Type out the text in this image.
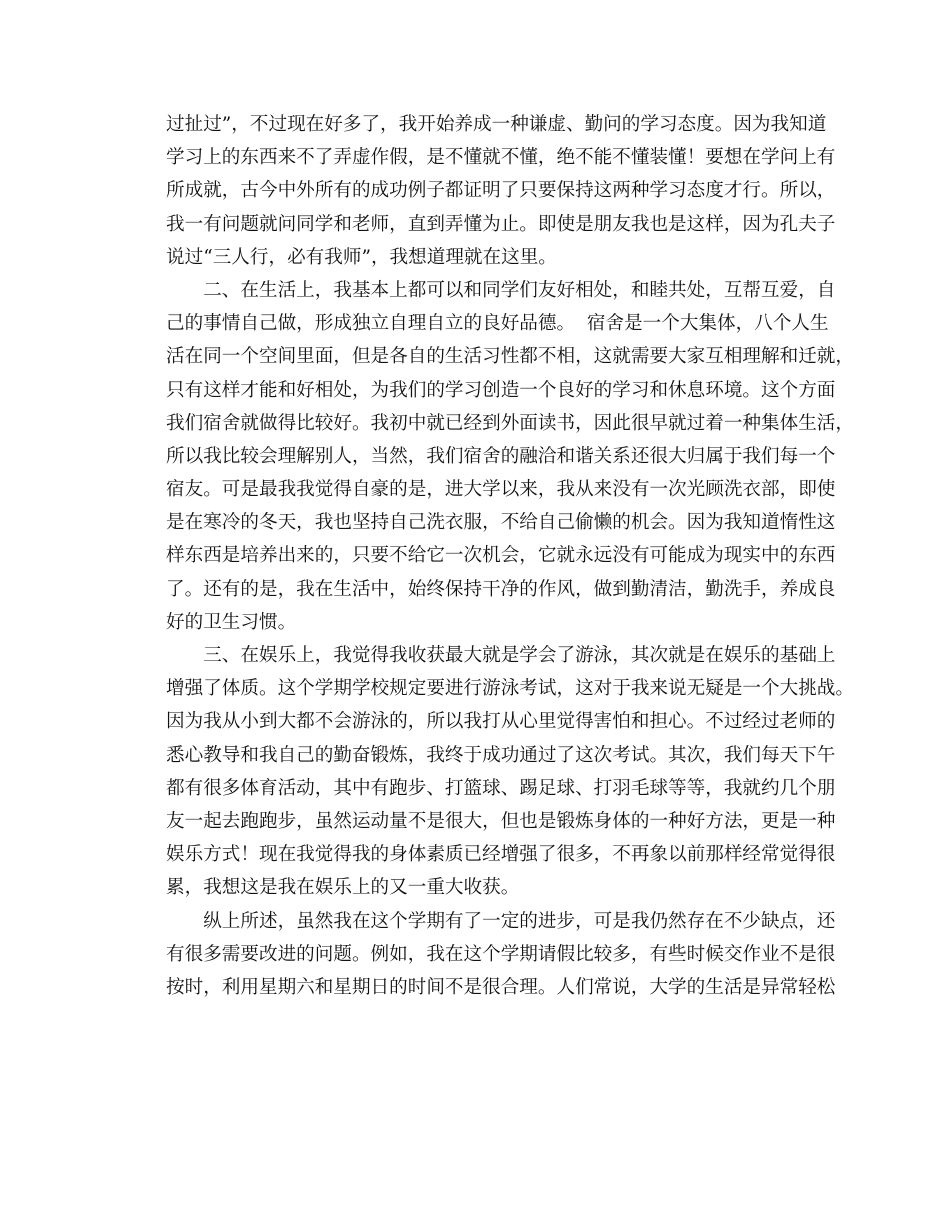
过扯过”，不过现在好多了，我开始养成一种谦虚、勤问的学习态度。因为我知道
学习上的东西来不了弄虚作假，是不懂就不懂，绝不能不懂装懂！要想在学问上有
所成就，古今中外所有的成功例子都证明了只要保持这两种学习态度才行。所以，
我一有问题就问同学和老师，直到弄懂为止。即使是朋友我也是这样，因为孔夫子
说过“三人行，必有我师”，我想道理就在这里。
　　二、在生活上，我基本上都可以和同学们友好相处，和睦共处，互帮互爱，自
己的事情自己做，形成独立自理自立的良好品德。  宿舍是一个大集体，八个人生
活在同一个空间里面，但是各自的生活习性都不相，这就需要大家互相理解和迁就，
只有这样才能和好相处，为我们的学习创造一个良好的学习和休息环境。这个方面
我们宿舍就做得比较好。我初中就已经到外面读书，因此很早就过着一种集体生活，
所以我比较会理解别人，当然，我们宿舍的融洽和谐关系还很大归属于我们每一个
宿友。可是最我我觉得自豪的是，进大学以来，我从来没有一次光顾洗衣部，即使
是在寒冷的冬天，我也坚持自己洗衣服，不给自己偷懒的机会。因为我知道惰性这
样东西是培养出来的，只要不给它一次机会，它就永远没有可能成为现实中的东西
了。还有的是，我在生活中，始终保持干净的作风，做到勤清洁，勤洗手，养成良
好的卫生习惯。
　　三、在娱乐上，我觉得我收获最大就是学会了游泳，其次就是在娱乐的基础上
增强了体质。这个学期学校规定要进行游泳考试，这对于我来说无疑是一个大挑战。
因为我从小到大都不会游泳的，所以我打从心里觉得害怕和担心。不过经过老师的
悉心教导和我自己的勤奋锻炼，我终于成功通过了这次考试。其次，我们每天下午
都有很多体育活动，其中有跑步、打篮球、踢足球、打羽毛球等等，我就约几个朋
友一起去跑跑步，虽然运动量不是很大，但也是锻炼身体的一种好方法，更是一种
娱乐方式！现在我觉得我的身体素质已经增强了很多，不再象以前那样经常觉得很
累，我想这是我在娱乐上的又一重大收获。
　　纵上所述，虽然我在这个学期有了一定的进步，可是我仍然存在不少缺点，还
有很多需要改进的问题。例如，我在这个学期请假比较多，有些时候交作业不是很
按时，利用星期六和星期日的时间不是很合理。人们常说，大学的生活是异常轻松
